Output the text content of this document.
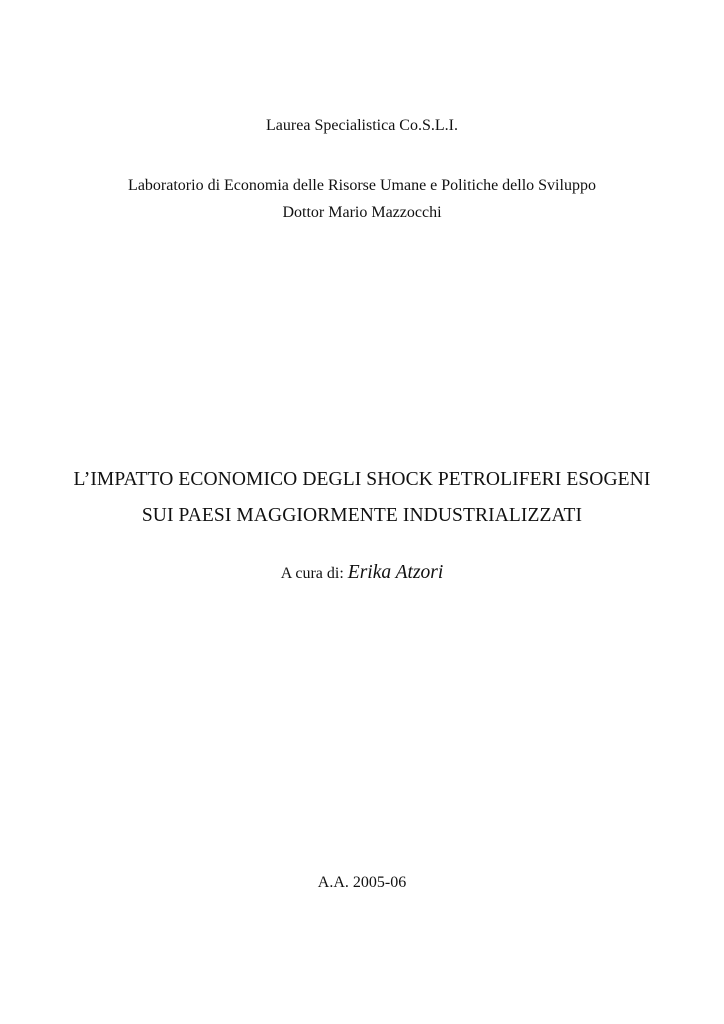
Laurea Specialistica Co.S.L.I.
Laboratorio di Economia delle Risorse Umane e Politiche dello Sviluppo
Dottor Mario Mazzocchi
L’IMPATTO ECONOMICO DEGLI SHOCK PETROLIFERI ESOGENI
SUI PAESI MAGGIORMENTE INDUSTRIALIZZATI
A cura di: Erika Atzori
A.A. 2005-06
